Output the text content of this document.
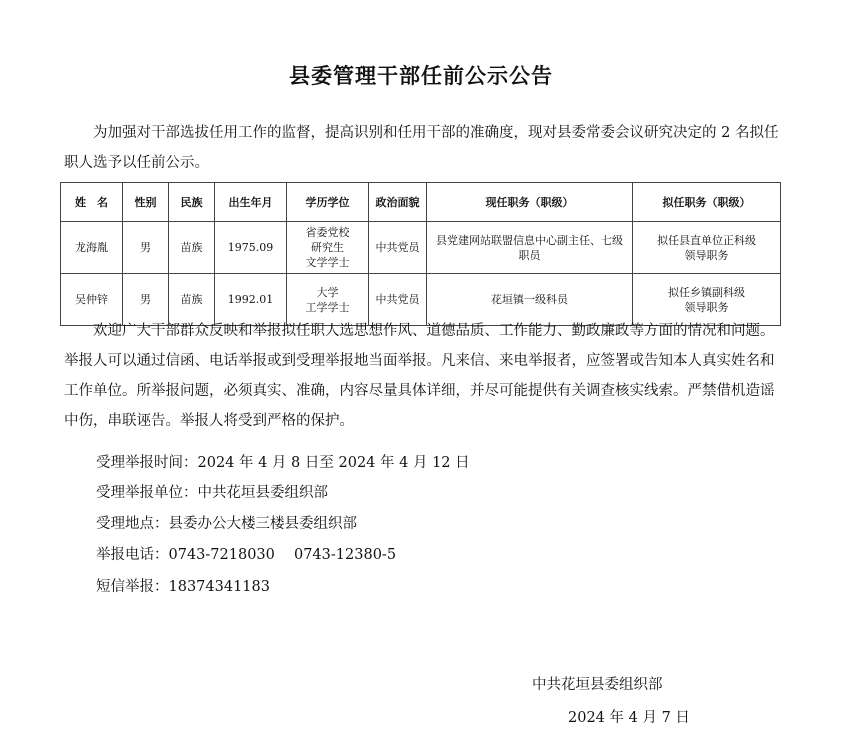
县委管理干部任前公示公告

为加强对干部选拔任用工作的监督，提高识别和任用干部的准确度，现对县委常委会议研究决定的 2 名拟任职人选予以任前公示。

姓　名	性别	民族	出生年月	学历学位	政治面貌	现任职务（职级）	拟任职务（职级）
龙海胤	男	苗族	1975.09	省委党校
研究生
文学学士	中共党员	县党建网站联盟信息中心副主任、七级
职员	拟任县直单位正科级
领导职务

吴仲锌	男	苗族	1992.01	大学
工学学士	中共党员	花垣镇一级科员	拟任乡镇副科级
领导职务

欢迎广大干部群众反映和举报拟任职人选思想作风、道德品质、工作能力、勤政廉政等方面的情况和问题。举报人可以通过信函、电话举报或到受理举报地当面举报。凡来信、来电举报者，应签署或告知本人真实姓名和工作单位。所举报问题，必须真实、准确，内容尽量具体详细，并尽可能提供有关调查核实线索。严禁借机造谣中伤，串联诬告。举报人将受到严格的保护。

受理举报时间：2024 年 4 月 8 日至 2024 年 4 月 12 日
受理举报单位：中共花垣县委组织部
受理地点：县委办公大楼三楼县委组织部
举报电话：0743-7218030　 0743-12380-5
短信举报：18374341183
中共花垣县委组织部
2024 年 4 月 7 日
